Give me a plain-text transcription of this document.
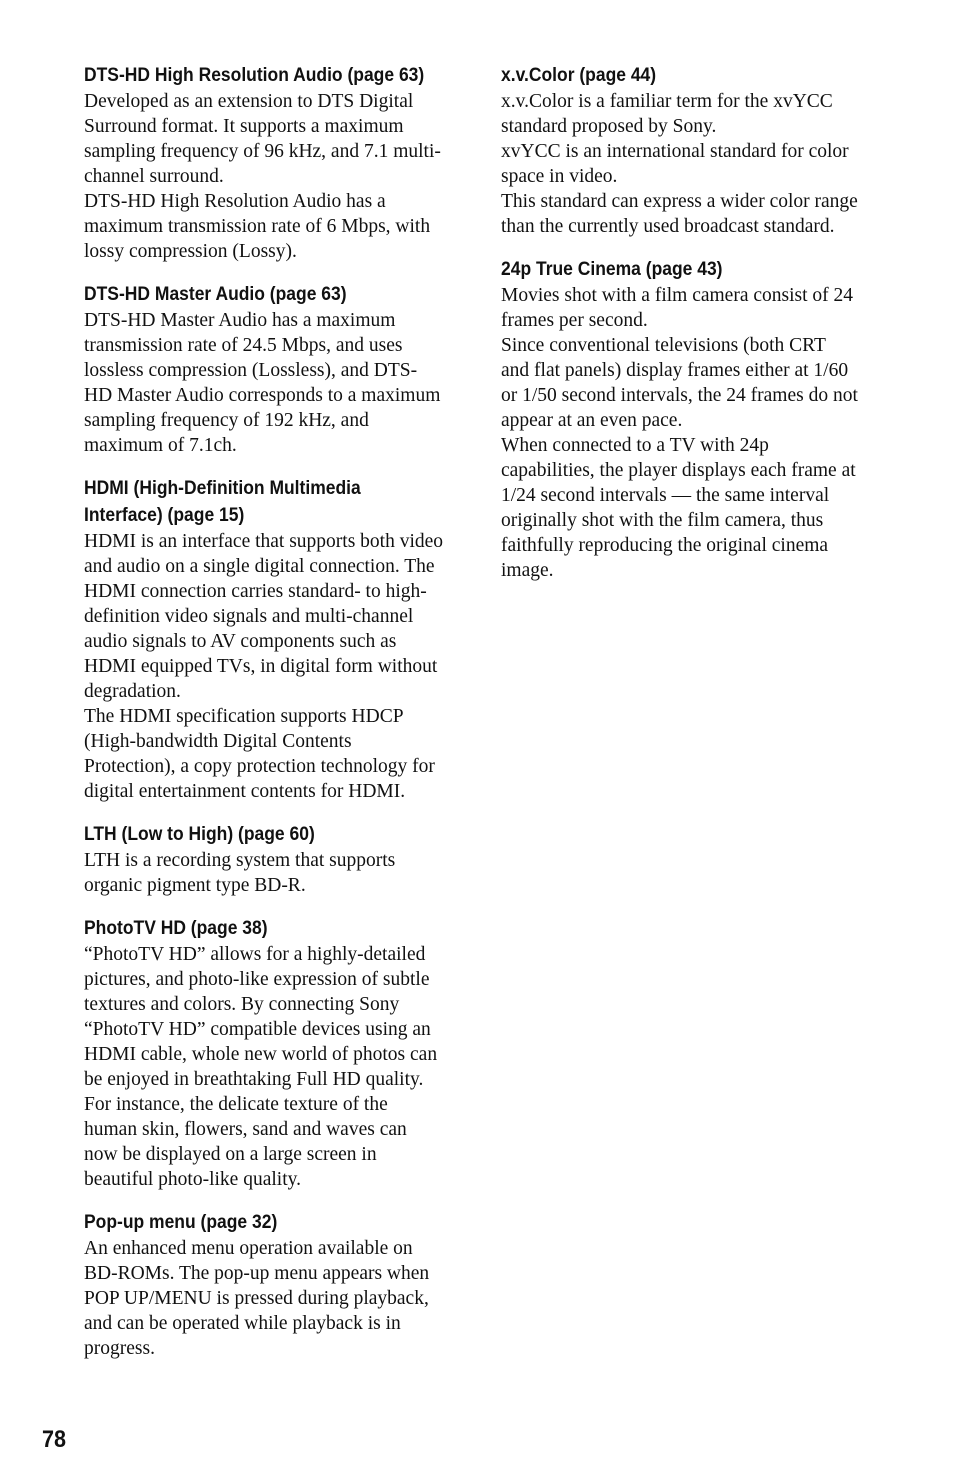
DTS-HD High Resolution Audio (page 63)

Developed as an extension to DTS Digital
Surround format. It supports a maximum
sampling frequency of 96 kHz, and 7.1 multi-
channel surround.

DTS-HD High Resolution Audio has a
maximum transmission rate of 6 Mbps, with
lossy compression (Lossy).

DTS-HD Master Audio (page 63)

DTS-HD Master Audio has a maximum
transmission rate of 24.5 Mbps, and uses
lossless compression (Lossless), and DTS-
HD Master Audio corresponds to a maximum
sampling frequency of 192 kHz, and
maximum of 7.1ch.

HDMI (High-Definition Multimedia
Interface) (page 15)

HDMI is an interface that supports both video
and audio on a single digital connection. The
HDMI connection carries standard- to high-
definition video signals and multi-channel
audio signals to AV components such as
HDMI equipped TVs, in digital form without
degradation.

The HDMI specification supports HDCP
(High-bandwidth Digital Contents
Protection), a copy protection technology for
digital entertainment contents for HDMI.

LTH (Low to High) (page 60)

LTH is a recording system that supports
organic pigment type BD-R.

PhotoTV HD (page 38)

“PhotoTV HD” allows for a highly-detailed
pictures, and photo-like expression of subtle
textures and colors. By connecting Sony
“PhotoTV HD” compatible devices using an
HDMI cable, whole new world of photos can
be enjoyed in breathtaking Full HD quality.
For instance, the delicate texture of the
human skin, flowers, sand and waves can
now be displayed on a large screen in
beautiful photo-like quality.

Pop-up menu (page 32)

An enhanced menu operation available on
BD-ROMs. The pop-up menu appears when
POP UP/MENU is pressed during playback,
and can be operated while playback is in
progress.

x.v.Color (page 44)

x.v.Color is a familiar term for the xvYCC
standard proposed by Sony.

xvYCC is an international standard for color
space in video.

This standard can express a wider color range
than the currently used broadcast standard.

24p True Cinema (page 43)

Movies shot with a film camera consist of 24
frames per second.

Since conventional televisions (both CRT
and flat panels) display frames either at 1/60
or 1/50 second intervals, the 24 frames do not
appear at an even pace.

When connected to a TV with 24p
capabilities, the player displays each frame at
1/24 second intervals — the same interval
originally shot with the film camera, thus
faithfully reproducing the original cinema
image.

78
